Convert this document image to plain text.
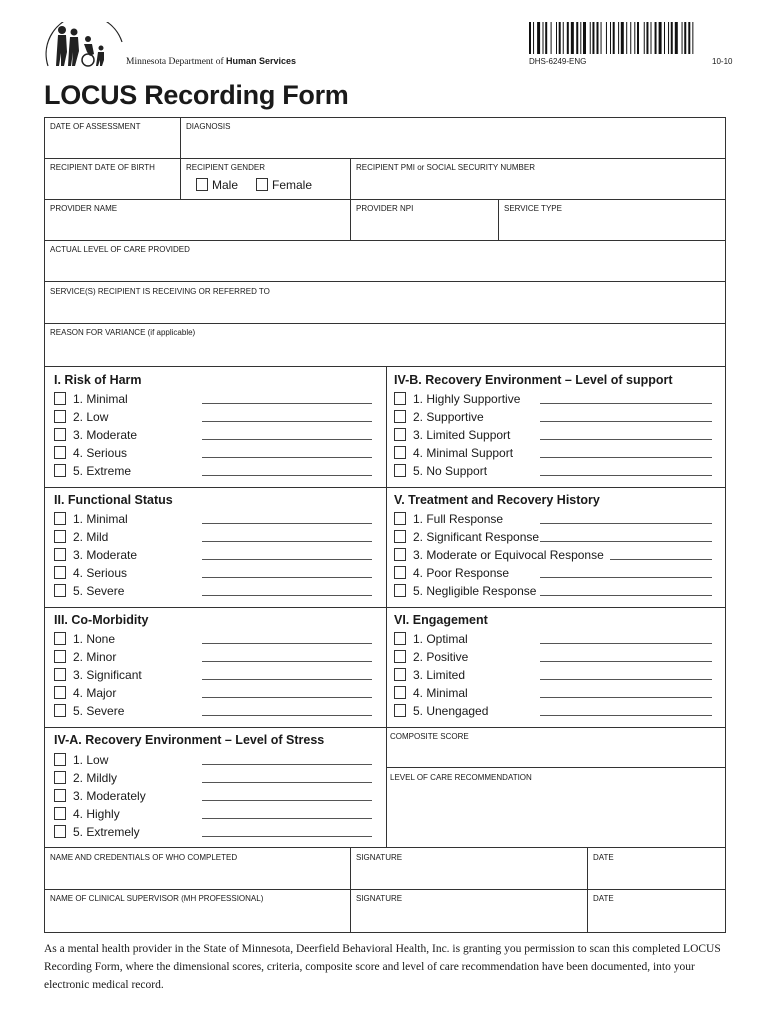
Minnesota Department of Human Services	DHS-6249-ENG	10-10
LOCUS Recording Form
DATE OF ASSESSMENT	DIAGNOSIS
RECIPIENT DATE OF BIRTH	RECIPIENT GENDER
Male	Female
RECIPIENT PMI or SOCIAL SECURITY NUMBER
PROVIDER NAME	PROVIDER NPI	SERVICE TYPE
ACTUAL LEVEL OF CARE PROVIDED
SERVICE(S) RECIPIENT IS RECEIVING OR REFERRED TO
REASON FOR VARIANCE (if applicable)
I. Risk of Harm
1. Minimal
2. Low
3. Moderate
4. Serious
5. Extreme
II. Functional Status
1. Minimal
2. Mild
3. Moderate
4. Serious
5. Severe
III. Co-Morbidity
1. None
2. Minor
3. Significant
4. Major
5. Severe
IV-A. Recovery Environment – Level of Stress
1. Low
2. Mildly
3. Moderately
4. Highly
5. Extremely
IV-B. Recovery Environment – Level of support
1. Highly Supportive
2. Supportive
3. Limited Support
4. Minimal Support
5. No Support
V. Treatment and Recovery History
1. Full Response
2. Significant Response
3. Moderate or Equivocal Response
4. Poor Response
5. Negligible Response
VI. Engagement
1. Optimal
2. Positive
3. Limited
4. Minimal
5. Unengaged
COMPOSITE SCORE
LEVEL OF CARE RECOMMENDATION
NAME AND CREDENTIALS OF WHO COMPLETED	SIGNATURE	DATE
NAME OF CLINICAL SUPERVISOR (MH PROFESSIONAL)	SIGNATURE	DATE
As a mental health provider in the State of Minnesota, Deerfield Behavioral Health, Inc. is granting you permission to scan this completed LOCUS Recording Form, where the dimensional scores, criteria, composite score and level of care recommendation have been documented, into your electronic medical record.
